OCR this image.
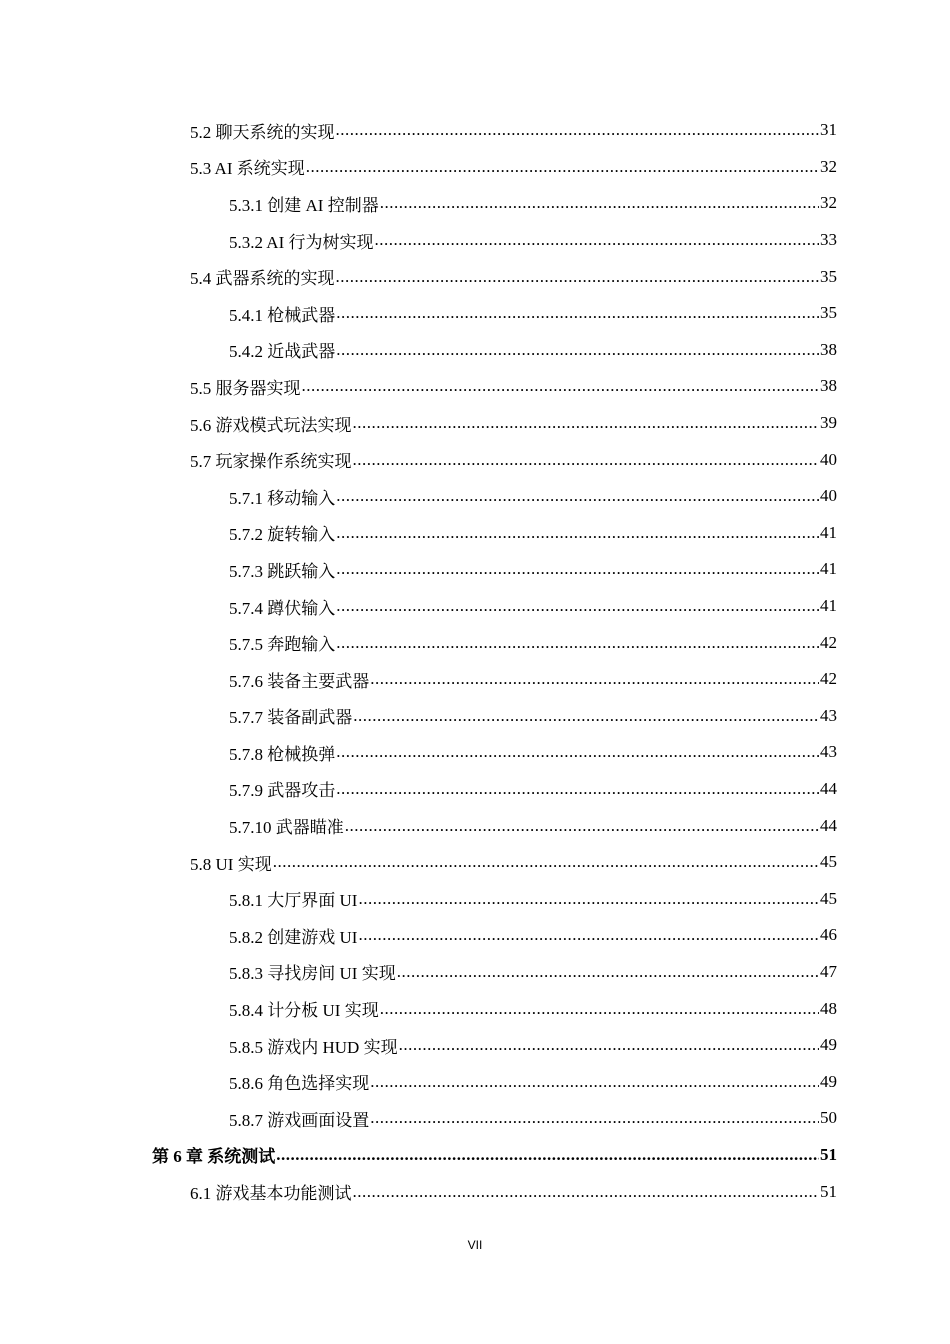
5.2 聊天系统的实现 .....	31
5.3 AI 系统实现 .....	32
5.3.1 创建 AI 控制器 .....	32
5.3.2 AI 行为树实现 .....	33
5.4 武器系统的实现 .....	35
5.4.1 枪械武器 .....	35
5.4.2 近战武器 .....	38
5.5 服务器实现 .....	38
5.6 游戏模式玩法实现 .....	39
5.7 玩家操作系统实现 .....	40
5.7.1 移动输入 .....	40
5.7.2 旋转输入 .....	41
5.7.3 跳跃输入 .....	41
5.7.4 蹲伏输入 .....	41
5.7.5 奔跑输入 .....	42
5.7.6 装备主要武器 .....	42
5.7.7 装备副武器 .....	43
5.7.8 枪械换弹 .....	43
5.7.9 武器攻击 .....	44
5.7.10 武器瞄准 .....	44
5.8 UI 实现 .....	45
5.8.1 大厅界面 UI .....	45
5.8.2 创建游戏 UI .....	46
5.8.3 寻找房间 UI 实现 .....	47
5.8.4 计分板 UI 实现 .....	48
5.8.5 游戏内 HUD 实现 .....	49
5.8.6 角色选择实现 .....	49
5.8.7 游戏画面设置 .....	50
第 6 章 系统测试 .....	51
6.1 游戏基本功能测试 .....	51
VII
